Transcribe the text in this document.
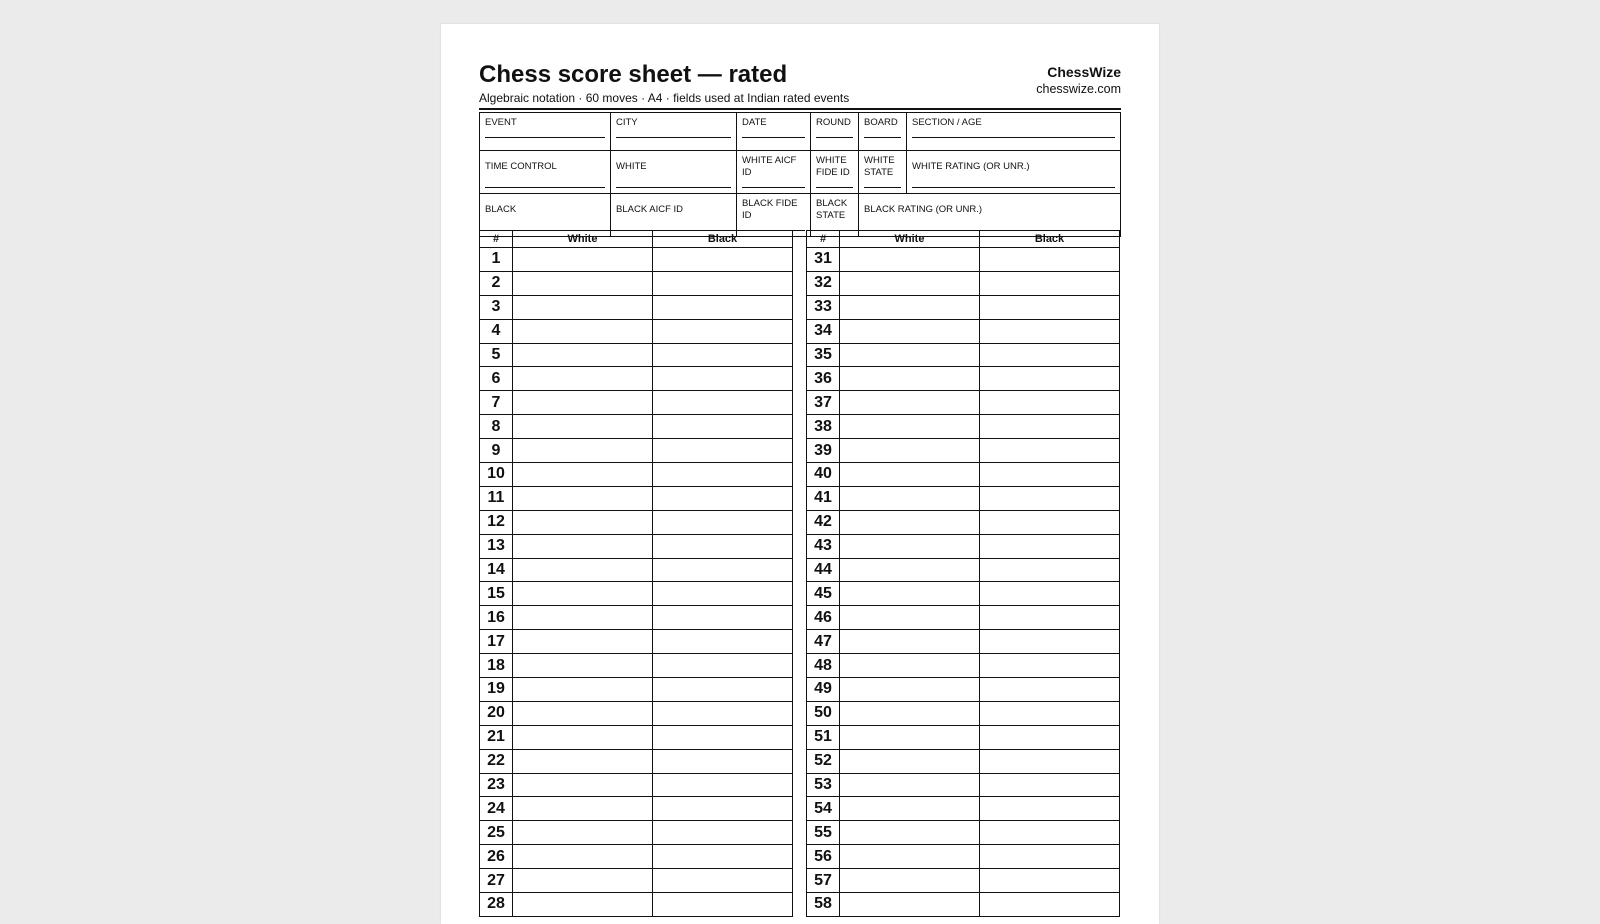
Chess score sheet — rated
Algebraic notation · 60 moves · A4 · fields used at Indian rated events
ChessWize
chesswize.com
EVENT	CITY	DATE	ROUND	BOARD	SECTION / AGE

TIME CONTROL	WHITE	WHITE AICF ID	WHITE FIDE ID	WHITE STATE	WHITE RATING (OR UNR.)

BLACK	BLACK AICF ID	BLACK FIDE ID	BLACK STATE	BLACK RATING (OR UNR.)	
#	White	Black
1		
2		
3		
4		
5		
6		
7		
8		
9		
10		
11		
12		
13		
14		
15		
16		
17		
18		
19		
20		
21		
22		
23		
24		
25		
26		
27		
28		
#	White	Black
31		
32		
33		
34		
35		
36		
37		
38		
39		
40		
41		
42		
43		
44		
45		
46		
47		
48		
49		
50		
51		
52		
53		
54		
55		
56		
57		
58		
